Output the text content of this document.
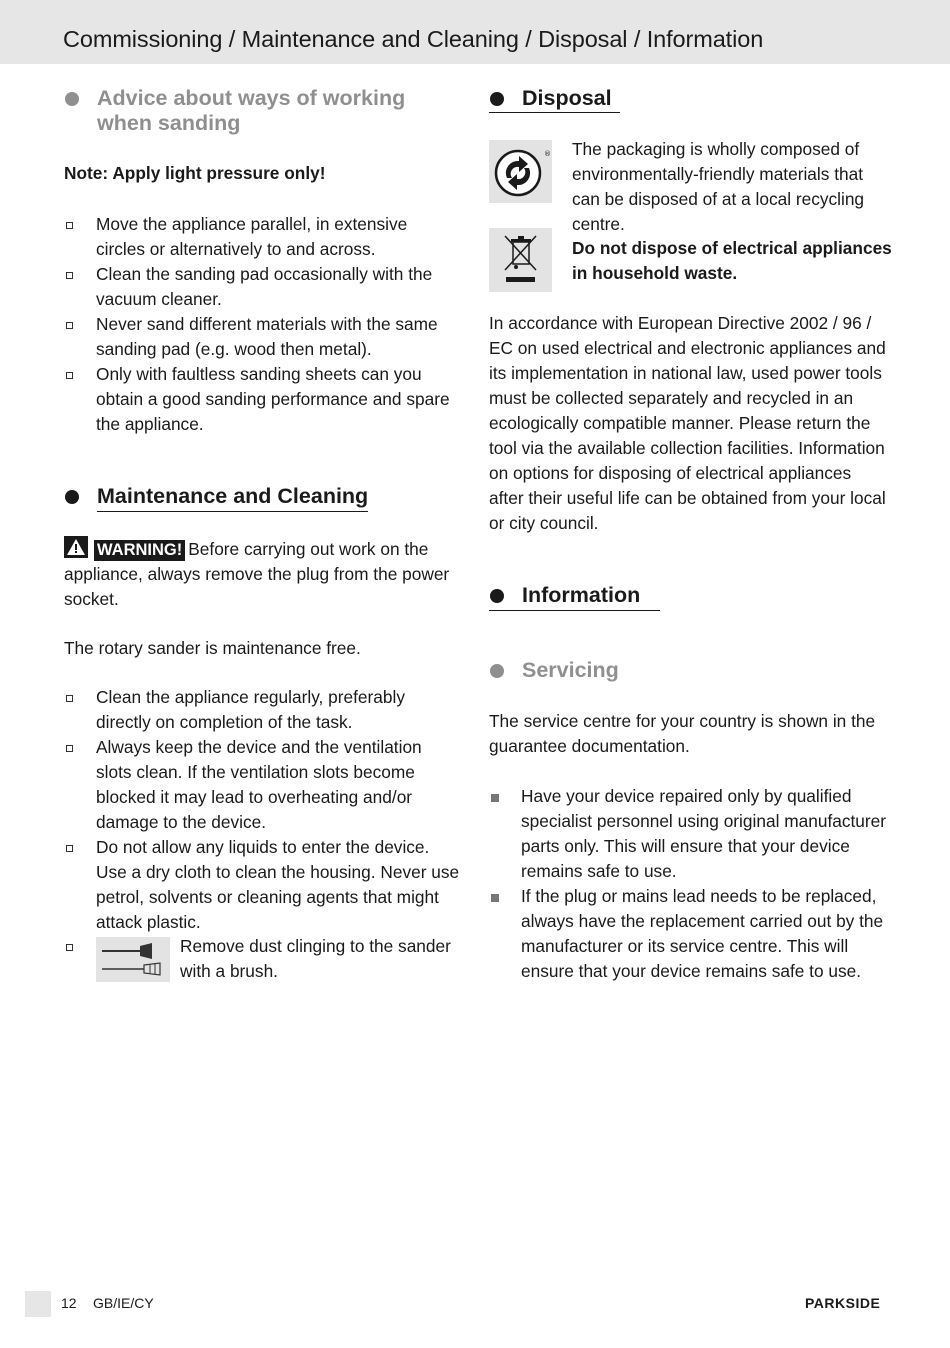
Commissioning / Maintenance and Cleaning / Disposal / Information
Advice about ways of working when sanding
Note: Apply light pressure only!
Move the appliance parallel, in extensive circles or alternatively to and across.
Clean the sanding pad occasionally with the vacuum cleaner.
Never sand different materials with the same sanding pad (e.g. wood then metal).
Only with faultless sanding sheets can you obtain a good sanding performance and spare the appliance.
Maintenance and Cleaning
WARNING! Before carrying out work on the appliance, always remove the plug from the power socket.
The rotary sander is maintenance free.
Clean the appliance regularly, preferably directly on completion of the task.
Always keep the device and the ventilation slots clean. If the ventilation slots become blocked it may lead to overheating and/or damage to the device.
Do not allow any liquids to enter the device. Use a dry cloth to clean the housing. Never use petrol, solvents or cleaning agents that might attack plastic.
Remove dust clinging to the sander with a brush.
Disposal
® The packaging is wholly composed of environmentally-friendly materials that can be disposed of at a local recycling centre.
Do not dispose of electrical appliances in household waste.
In accordance with European Directive 2002 / 96 / EC on used electrical and electronic appliances and its implementation in national law, used power tools must be collected separately and recycled in an ecologically compatible manner. Please return the tool via the available collection facilities. Information on options for disposing of electrical appliances after their useful life can be obtained from your local or city council.
Information
Servicing
The service centre for your country is shown in the guarantee documentation.
Have your device repaired only by qualified specialist personnel using original manufacturer parts only. This will ensure that your device remains safe to use.
If the plug or mains lead needs to be replaced, always have the replacement carried out by the manufacturer or its service centre. This will ensure that your device remains safe to use.
12 GB/IE/CY	PARKSIDE
